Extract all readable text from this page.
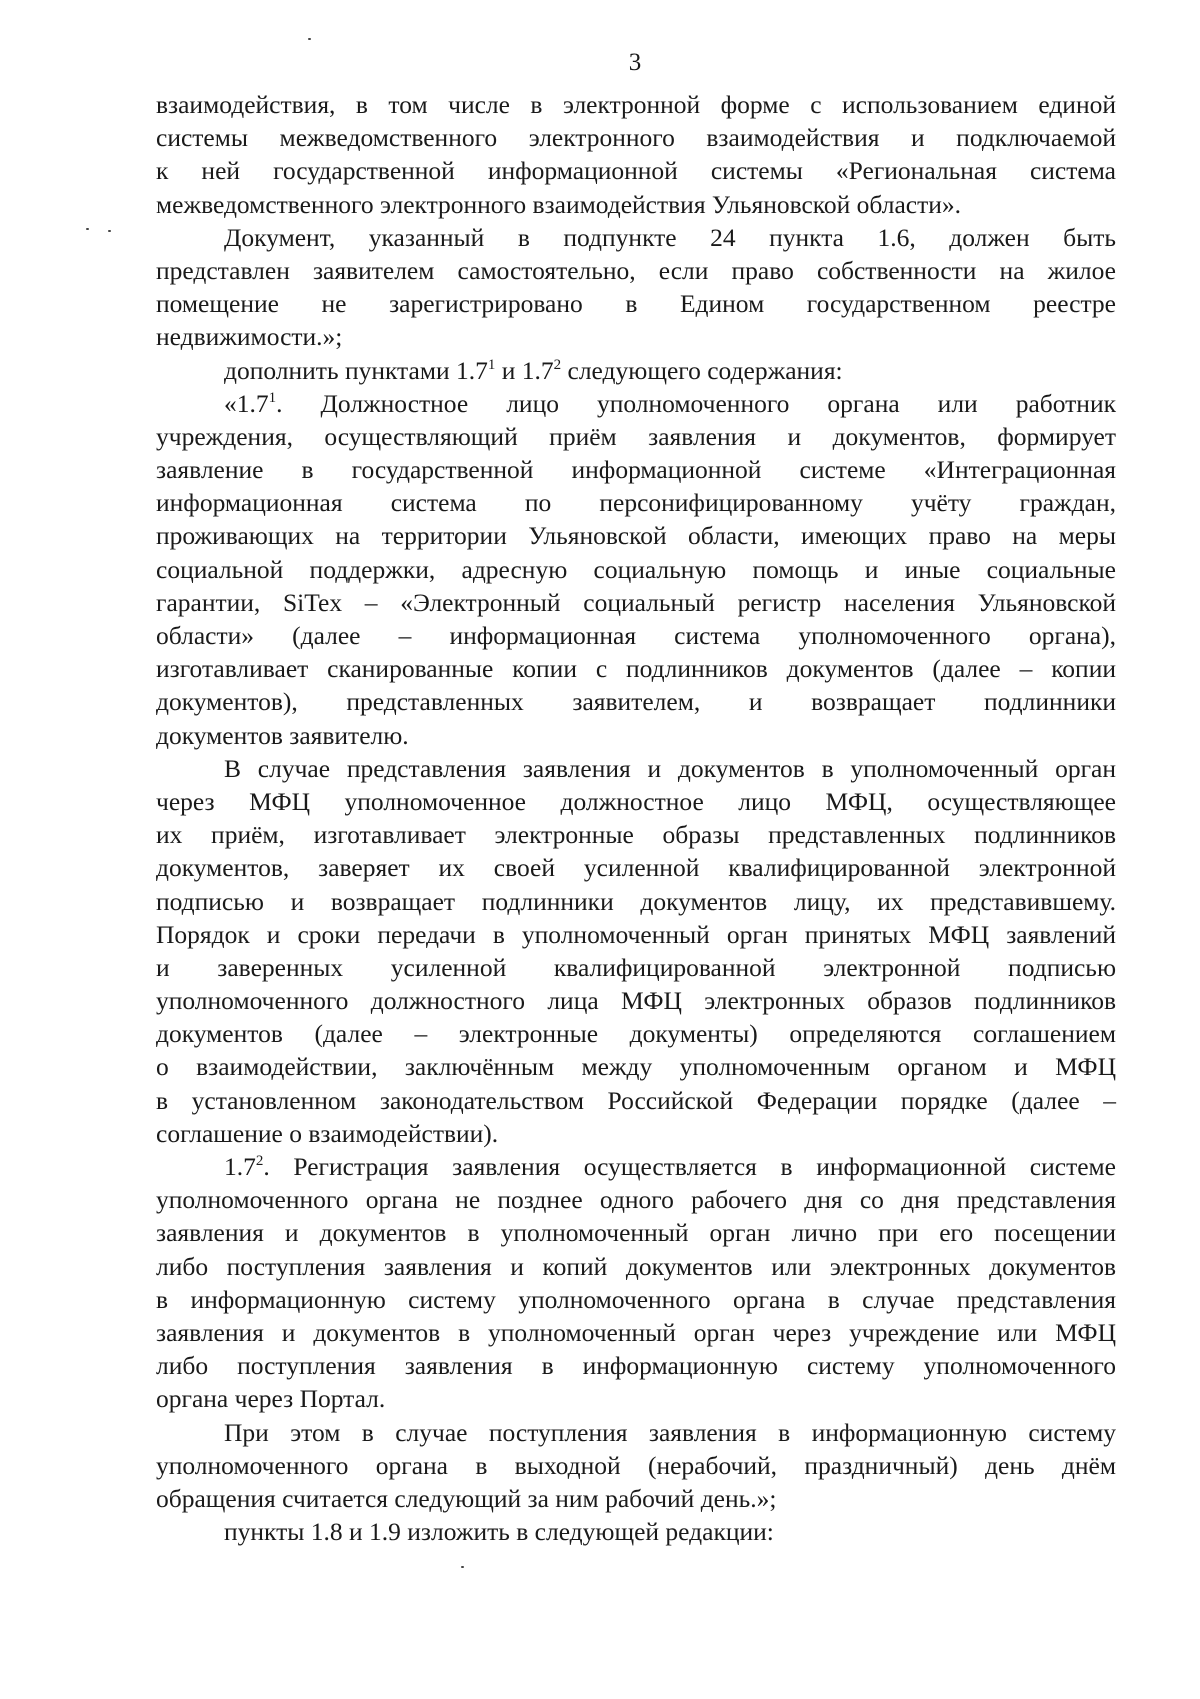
3
взаимодействия, в том числе в электронной форме с использованием единой
системы межведомственного электронного взаимодействия и подключаемой
к ней государственной информационной системы «Региональная система
межведомственного электронного взаимодействия Ульяновской области».
Документ, указанный в подпункте 24 пункта 1.6, должен быть
представлен заявителем самостоятельно, если право собственности на жилое
помещение не зарегистрировано в Едином государственном реестре
недвижимости.»;
дополнить пунктами $1.7^1$ и $1.7^2$ следующего содержания:
«$1.7^1$. Должностное лицо уполномоченного органа или работник
учреждения, осуществляющий приём заявления и документов, формирует
заявление в государственной информационной системе «Интеграционная
информационная система по персонифицированному учёту граждан,
проживающих на территории Ульяновской области, имеющих право на меры
социальной поддержки, адресную социальную помощь и иные социальные
гарантии, SiTex – «Электронный социальный регистр населения Ульяновской
области» (далее – информационная система уполномоченного органа),
изготавливает сканированные копии с подлинников документов (далее – копии
документов), представленных заявителем, и возвращает подлинники
документов заявителю.
В случае представления заявления и документов в уполномоченный орган
через МФЦ уполномоченное должностное лицо МФЦ, осуществляющее
их приём, изготавливает электронные образы представленных подлинников
документов, заверяет их своей усиленной квалифицированной электронной
подписью и возвращает подлинники документов лицу, их представившему.
Порядок и сроки передачи в уполномоченный орган принятых МФЦ заявлений
и заверенных усиленной квалифицированной электронной подписью
уполномоченного должностного лица МФЦ электронных образов подлинников
документов (далее – электронные документы) определяются соглашением
о взаимодействии, заключённым между уполномоченным органом и МФЦ
в установленном законодательством Российской Федерации порядке (далее –
соглашение о взаимодействии).
$1.7^2$. Регистрация заявления осуществляется в информационной системе
уполномоченного органа не позднее одного рабочего дня со дня представления
заявления и документов в уполномоченный орган лично при его посещении
либо поступления заявления и копий документов или электронных документов
в информационную систему уполномоченного органа в случае представления
заявления и документов в уполномоченный орган через учреждение или МФЦ
либо поступления заявления в информационную систему уполномоченного
органа через Портал.
При этом в случае поступления заявления в информационную систему
уполномоченного органа в выходной (нерабочий, праздничный) день днём
обращения считается следующий за ним рабочий день.»;
пункты 1.8 и 1.9 изложить в следующей редакции:
